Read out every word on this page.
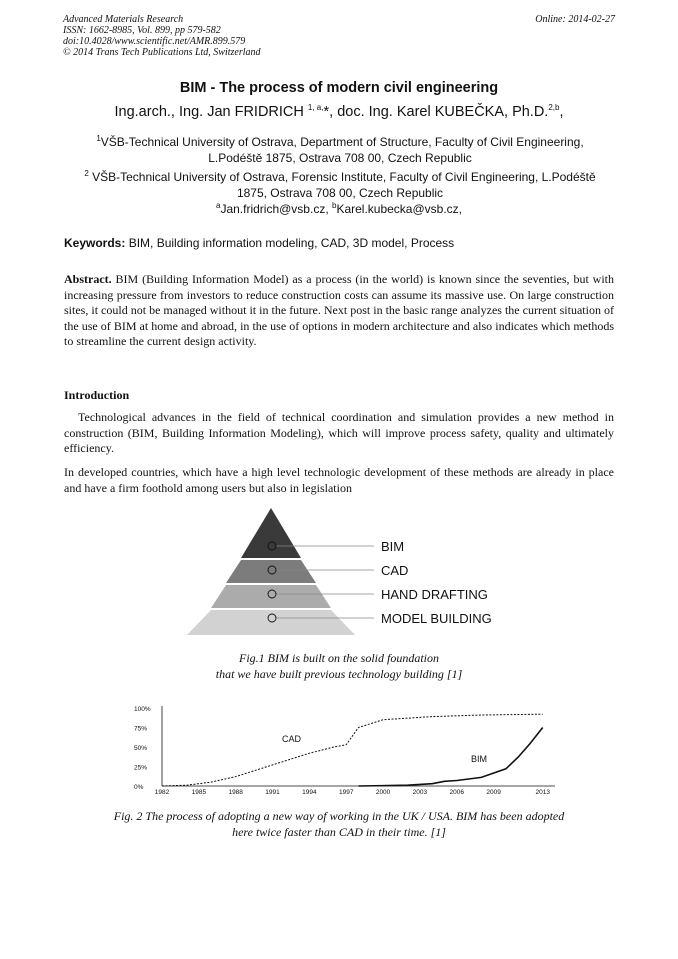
Advanced Materials Research
ISSN: 1662-8985, Vol. 899, pp 579-582
doi:10.4028/www.scientific.net/AMR.899.579
© 2014 Trans Tech Publications Ltd, Switzerland
Online: 2014-02-27
BIM - The process of modern civil engineering
Ing.arch., Ing. Jan FRIDRICH $^{1, a,}$*, doc. Ing. Karel KUBEČKA, Ph.D.$^{2,b}$,
$^1$VŠB-Technical University of Ostrava, Department of Structure, Faculty of Civil Engineering,
L.Podéště 1875, Ostrava 708 00, Czech Republic
$^2$ VŠB-Technical University of Ostrava, Forensic Institute, Faculty of Civil Engineering, L.Podéště
1875, Ostrava 708 00, Czech Republic
$^a$Jan.fridrich@vsb.cz, $^b$Karel.kubecka@vsb.cz,
Keywords: BIM, Building information modeling, CAD, 3D model, Process
Abstract. BIM (Building Information Model) as a process (in the world) is known since the seventies, but with increasing pressure from investors to reduce construction costs can assume its massive use. On large construction sites, it could not be managed without it in the future. Next post in the basic range analyzes the current situation of the use of BIM at home and abroad, in the use of options in modern architecture and also indicates which methods to streamline the current design activity.
Introduction
Technological advances in the field of technical coordination and simulation provides a new method in construction (BIM, Building Information Modeling), which will improve process safety, quality and ultimately efficiency.
In developed countries, which have a high level technologic development of these methods are already in place and have a firm foothold among users but also in legislation
BIM
CAD
HAND DRAFTING
MODEL BUILDING
Fig.1 BIM is built on the solid foundation
that we have built previous technology building [1]
100%
75%
50%
25%
0%
1982	1985	1988	1991	1994	1997	2000	2003	2006	2009	2013
CAD
BIM
Fig. 2 The process of adopting a new way of working in the UK / USA. BIM has been adopted
here twice faster than CAD in their time. [1]
